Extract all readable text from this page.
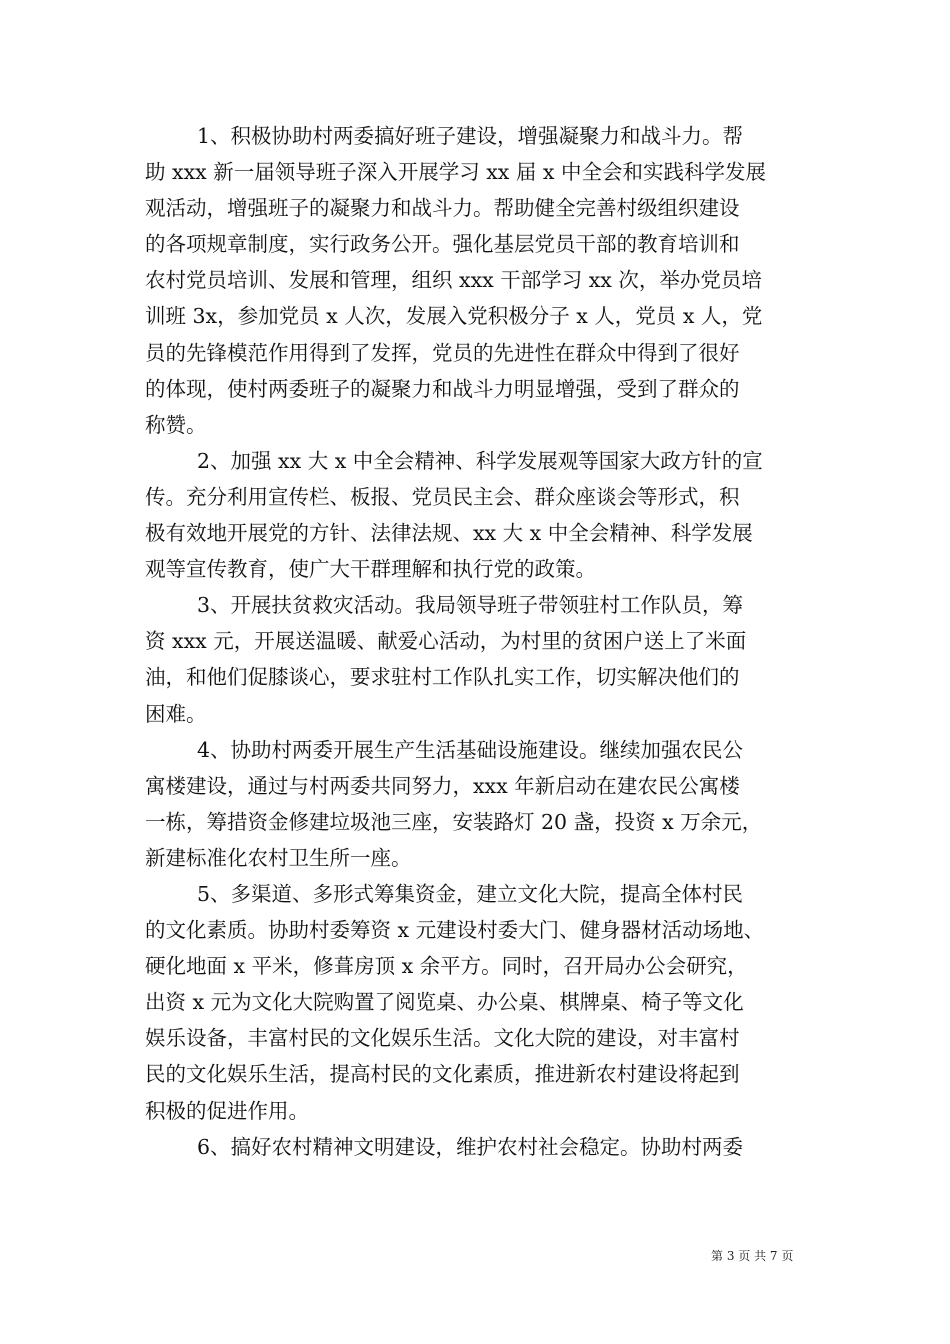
1、积极协助村两委搞好班子建设，增强凝聚力和战斗力。帮

助 xxx 新一届领导班子深入开展学习 xx 届 x 中全会和实践科学发展

观活动，增强班子的凝聚力和战斗力。帮助健全完善村级组织建设

的各项规章制度，实行政务公开。强化基层党员干部的教育培训和

农村党员培训、发展和管理，组织 xxx 干部学习 xx 次，举办党员培

训班 3x，参加党员 x 人次，发展入党积极分子 x 人，党员 x 人，党

员的先锋模范作用得到了发挥，党员的先进性在群众中得到了很好

的体现，使村两委班子的凝聚力和战斗力明显增强，受到了群众的

称赞。

2、加强 xx 大 x 中全会精神、科学发展观等国家大政方针的宣

传。充分利用宣传栏、板报、党员民主会、群众座谈会等形式，积

极有效地开展党的方针、法律法规、xx 大 x 中全会精神、科学发展

观等宣传教育，使广大干群理解和执行党的政策。

3、开展扶贫救灾活动。我局领导班子带领驻村工作队员，筹

资 xxx 元，开展送温暖、献爱心活动，为村里的贫困户送上了米面

油，和他们促膝谈心，要求驻村工作队扎实工作，切实解决他们的

困难。

4、协助村两委开展生产生活基础设施建设。继续加强农民公

寓楼建设，通过与村两委共同努力，xxx 年新启动在建农民公寓楼

一栋，筹措资金修建垃圾池三座，安装路灯 20 盏，投资 x 万余元，

新建标准化农村卫生所一座。

5、多渠道、多形式筹集资金，建立文化大院，提高全体村民

的文化素质。协助村委筹资 x 元建设村委大门、健身器材活动场地、

硬化地面 x 平米，修葺房顶 x 余平方。同时，召开局办公会研究，

出资 x 元为文化大院购置了阅览桌、办公桌、棋牌桌、椅子等文化

娱乐设备，丰富村民的文化娱乐生活。文化大院的建设，对丰富村

民的文化娱乐生活，提高村民的文化素质，推进新农村建设将起到

积极的促进作用。

6、搞好农村精神文明建设，维护农村社会稳定。协助村两委

第 3 页 共 7 页
